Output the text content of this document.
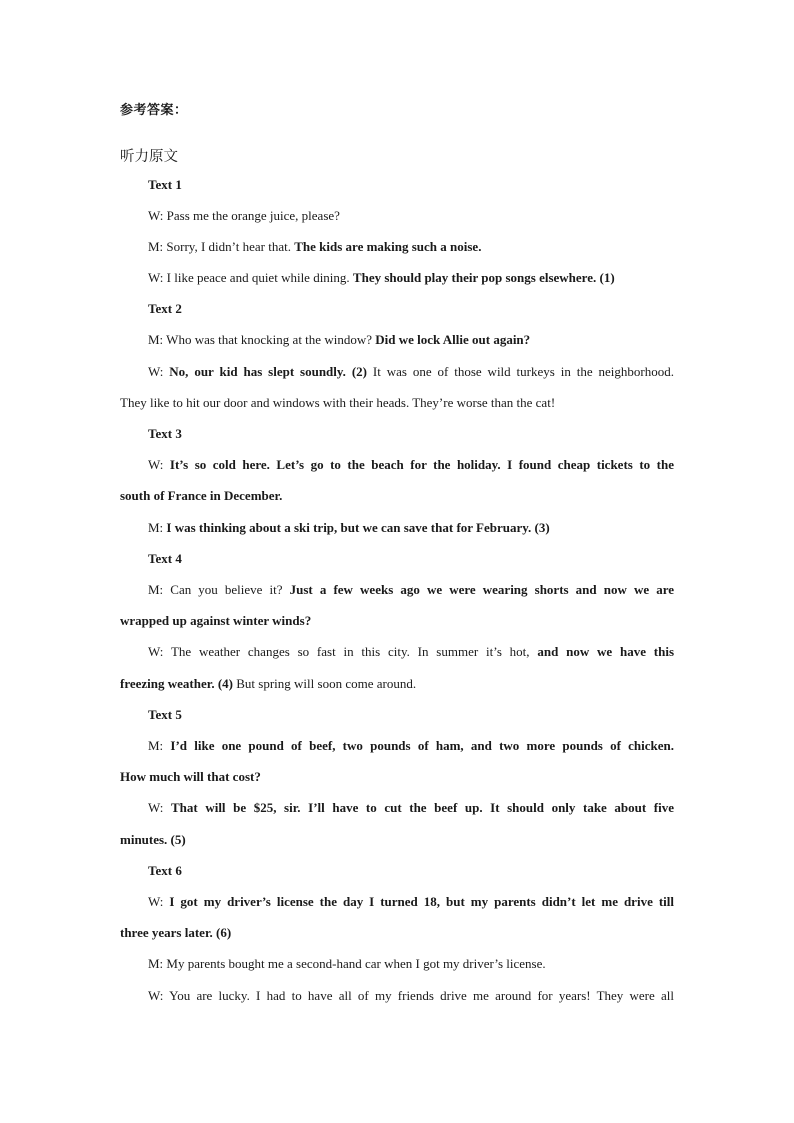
参考答案：
听力原文
Text 1
W: Pass me the orange juice, please?
M: Sorry, I didn’t hear that. The kids are making such a noise.
W: I like peace and quiet while dining. They should play their pop songs elsewhere. (1)
Text 2
M: Who was that knocking at the window? Did we lock Allie out again?
W: No, our kid has slept soundly. (2) It was one of those wild turkeys in the neighborhood.
They like to hit our door and windows with their heads. They’re worse than the cat!
Text 3
W: It’s so cold here. Let’s go to the beach for the holiday. I found cheap tickets to the
south of France in December.
M: I was thinking about a ski trip, but we can save that for February. (3)
Text 4
M: Can you believe it? Just a few weeks ago we were wearing shorts and now we are
wrapped up against winter winds?
W: The weather changes so fast in this city. In summer it’s hot, and now we have this
freezing weather. (4) But spring will soon come around.
Text 5
M: I’d like one pound of beef, two pounds of ham, and two more pounds of chicken.
How much will that cost?
W: That will be $25, sir. I’ll have to cut the beef up. It should only take about five
minutes. (5)
Text 6
W: I got my driver’s license the day I turned 18, but my parents didn’t let me drive till
three years later. (6)
M: My parents bought me a second-hand car when I got my driver’s license.
W: You are lucky. I had to have all of my friends drive me around for years! They were all
